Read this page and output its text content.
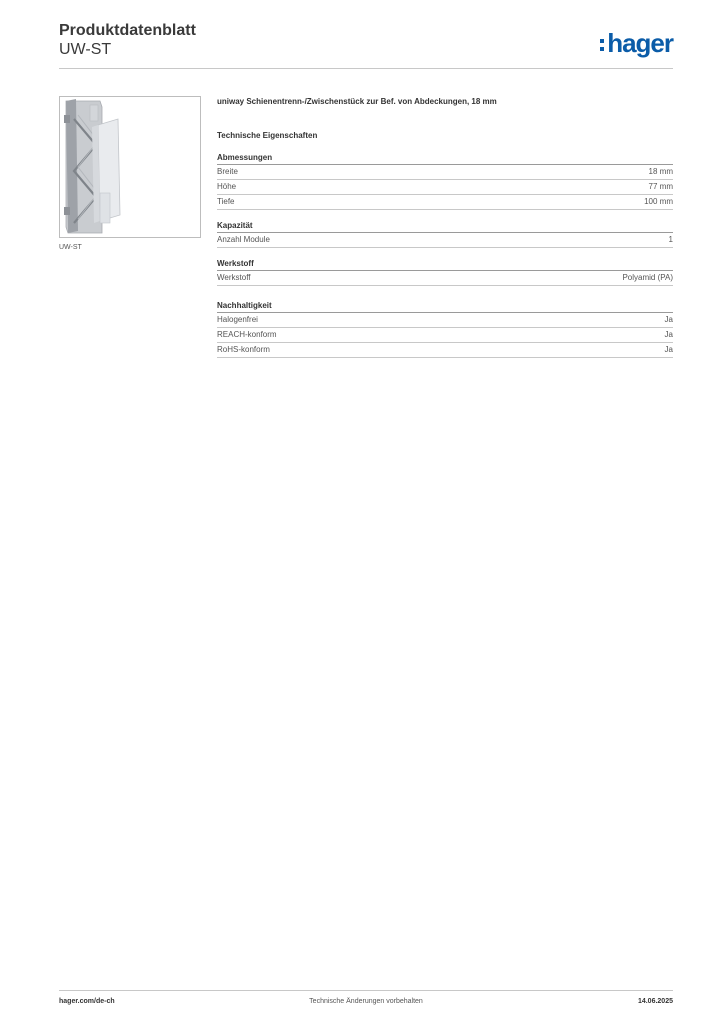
Produktdatenblatt
UW-ST	hager
UW-ST
uniway Schienentrenn-/Zwischenstück zur Bef. von Abdeckungen, 18 mm
Technische Eigenschaften
Abmessungen
Breite	18 mm
Höhe	77 mm
Tiefe	100 mm
Kapazität
Anzahl Module	1
Werkstoff
Werkstoff	Polyamid (PA)
Nachhaltigkeit
Halogenfrei	Ja
REACH-konform	Ja
RoHS-konform	Ja
hager.com/de-ch	Technische Änderungen vorbehalten	14.06.2025
